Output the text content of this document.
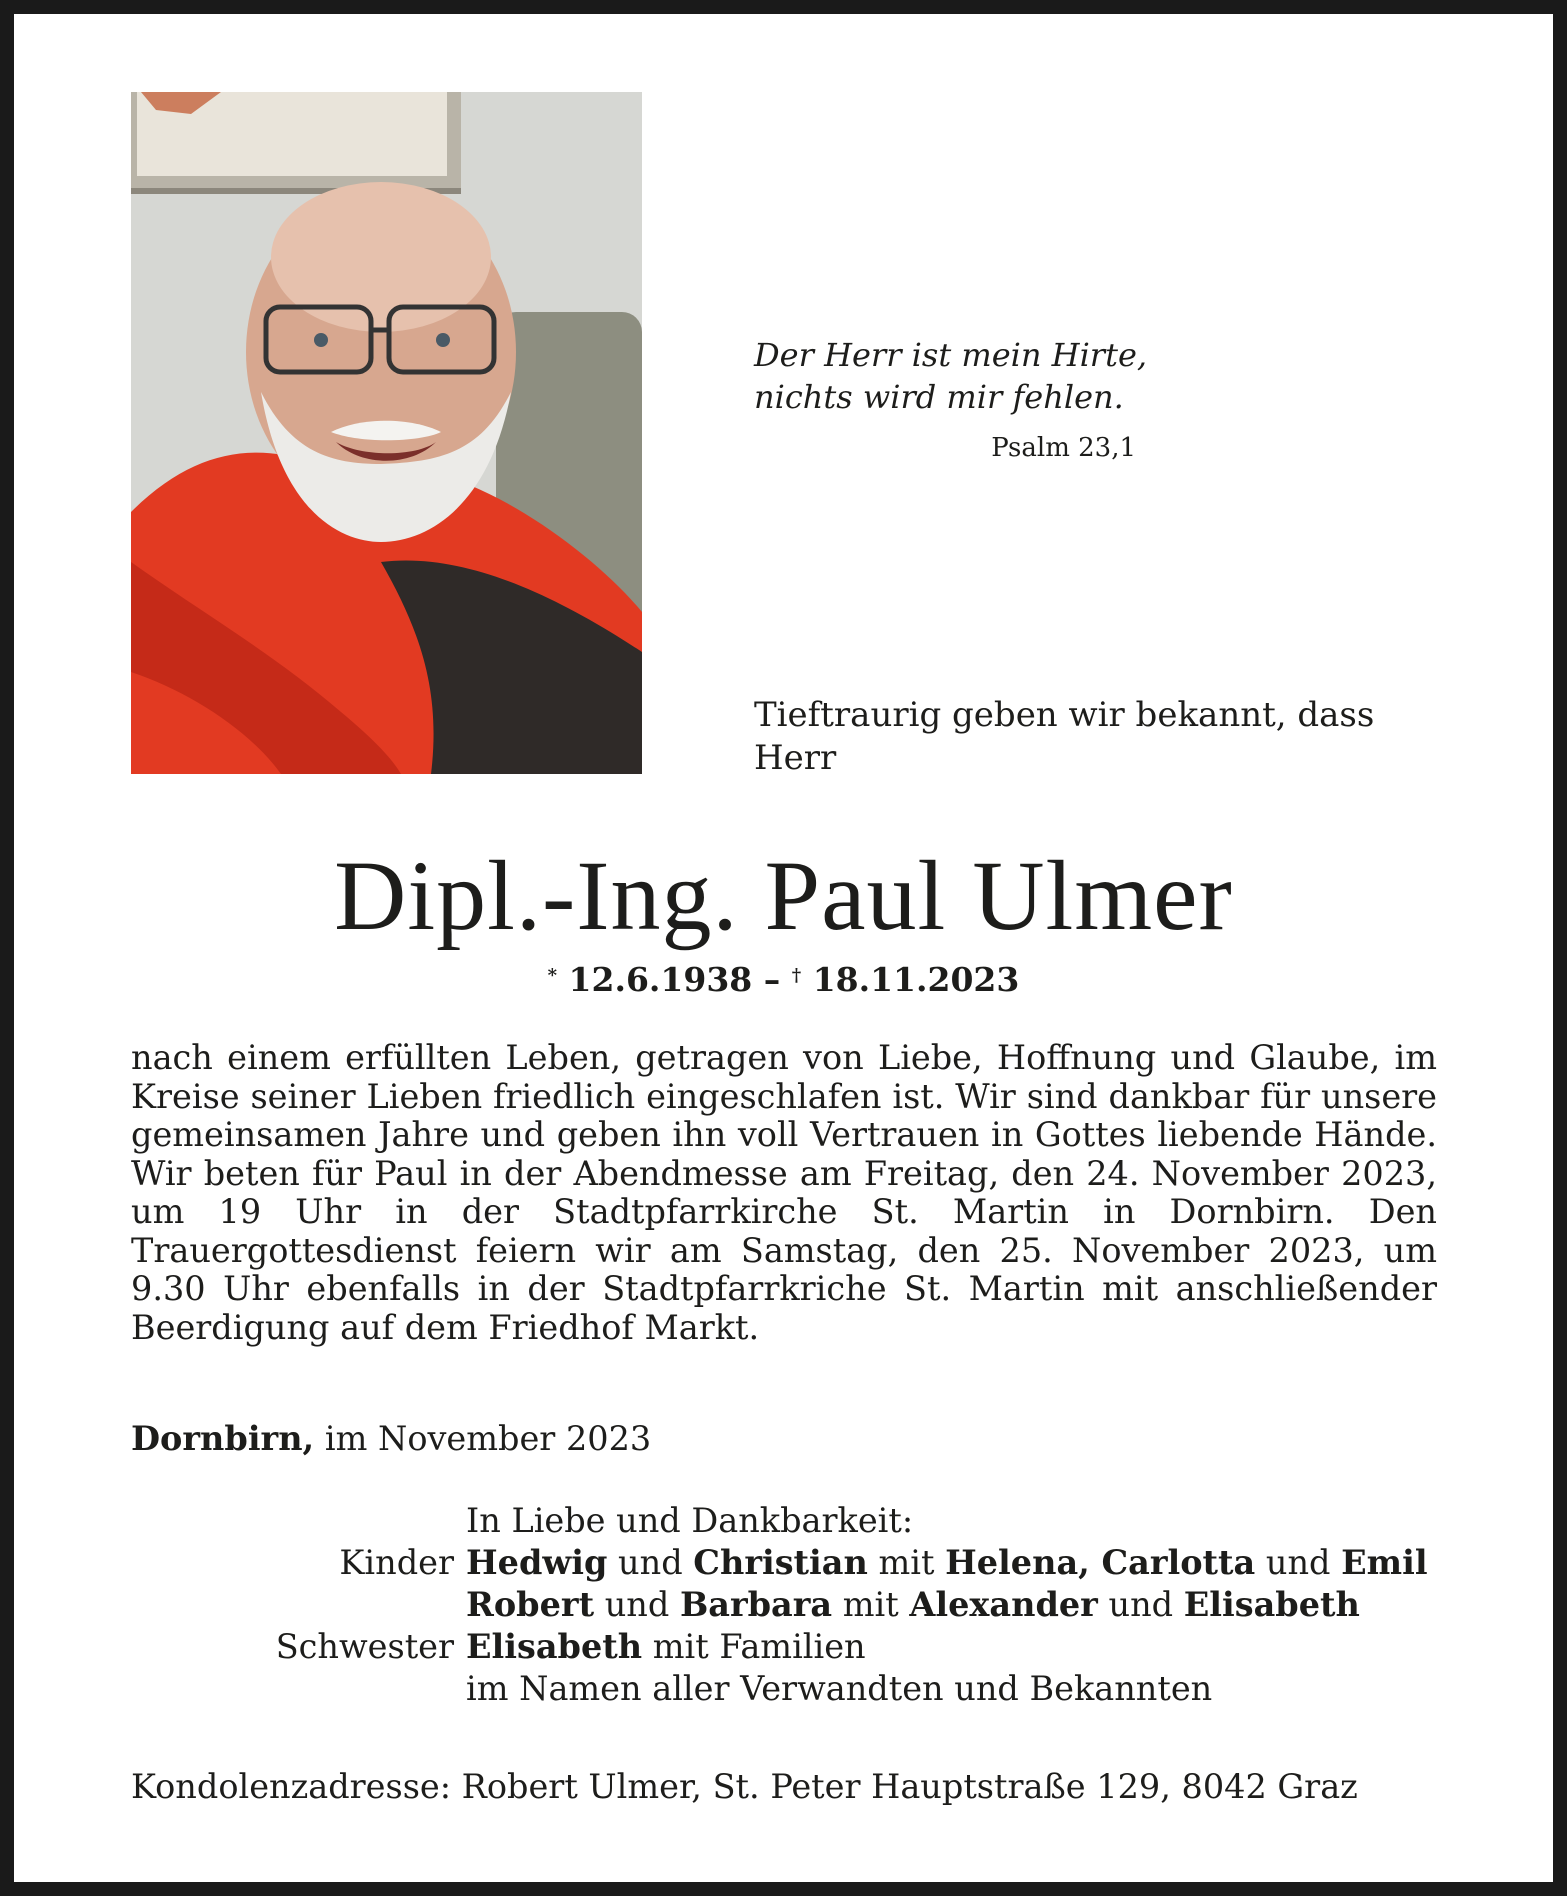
Der Herr ist mein Hirte,
nichts wird mir fehlen.
Psalm 23,1
Tieftraurig geben wir bekannt, dass
Herr
Dipl.-Ing. Paul Ulmer
* 12.6.1938 – † 18.11.2023
nach einem erfüllten Leben, getragen von Liebe, Hoffnung und Glaube, im Kreise seiner Lieben friedlich eingeschlafen ist. Wir sind dankbar für unsere gemeinsamen Jahre und geben ihn voll Vertrauen in Gottes liebende Hände. Wir beten für Paul in der Abendmesse am Freitag, den 24. November 2023, um 19 Uhr in der Stadtpfarrkirche St. Martin in Dornbirn. Den Trauergottesdienst feiern wir am Samstag, den 25. November 2023, um 9.30 Uhr ebenfalls in der Stadtpfarrkriche St. Martin mit anschließender Beerdigung auf dem Friedhof Markt.
Dornbirn, im November 2023
In Liebe und Dankbarkeit:
Kinder Hedwig und Christian mit Helena, Carlotta und Emil
Robert und Barbara mit Alexander und Elisabeth
Schwester Elisabeth mit Familien
im Namen aller Verwandten und Bekannten
Kondolenzadresse: Robert Ulmer, St. Peter Hauptstraße 129, 8042 Graz
